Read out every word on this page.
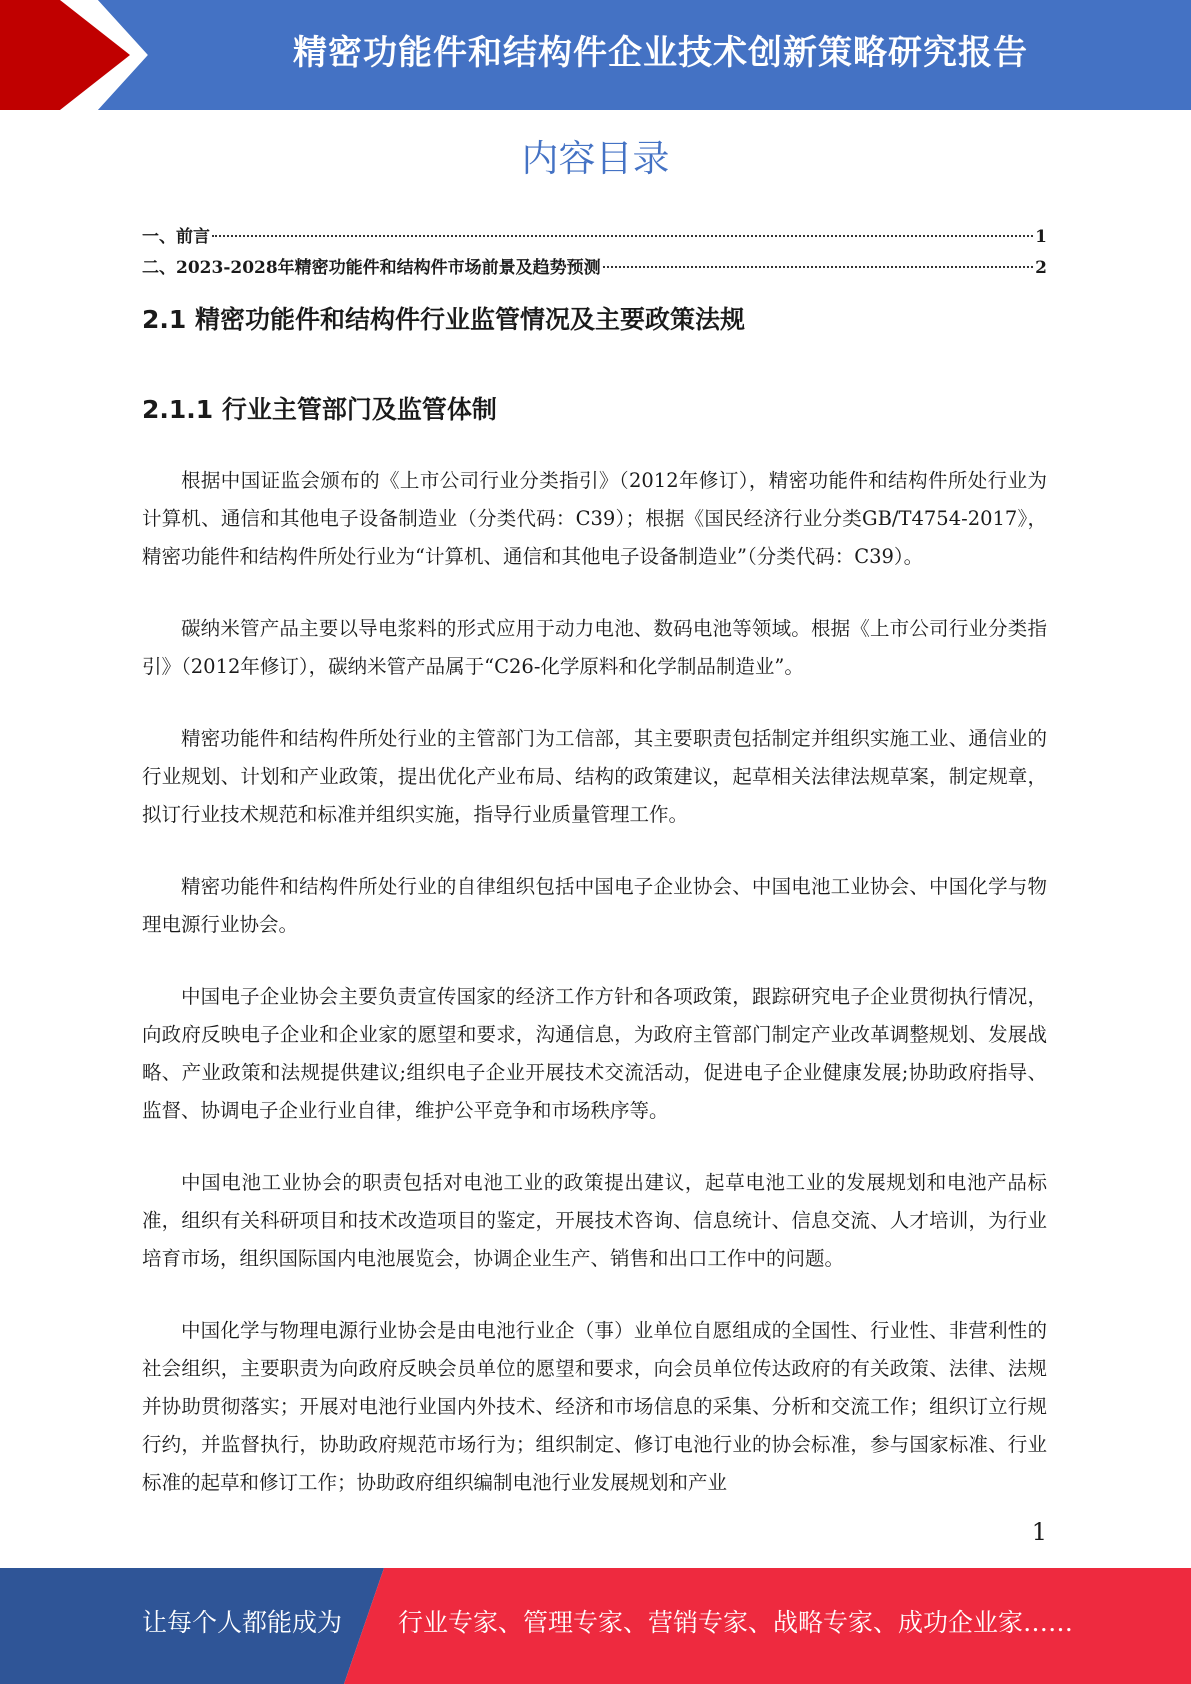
精密功能件和结构件企业技术创新策略研究报告
内容目录
一、前言	1
二、2023-2028年精密功能件和结构件市场前景及趋势预测	2
2.1 精密功能件和结构件行业监管情况及主要政策法规
2.1.1 行业主管部门及监管体制

根据中国证监会颁布的《上市公司行业分类指引》（2012年修订），精密功能件和结构件所处行业为计算机、通信和其他电子设备制造业（分类代码：C39）；根据《国民经济行业分类GB/T4754-2017》，精密功能件和结构件所处行业为“计算机、通信和其他电子设备制造业”（分类代码：C39）。

碳纳米管产品主要以导电浆料的形式应用于动力电池、数码电池等领域。根据《上市公司行业分类指引》（2012年修订），碳纳米管产品属于“C26-化学原料和化学制品制造业”。

精密功能件和结构件所处行业的主管部门为工信部，其主要职责包括制定并组织实施工业、通信业的行业规划、计划和产业政策，提出优化产业布局、结构的政策建议，起草相关法律法规草案，制定规章，拟订行业技术规范和标准并组织实施，指导行业质量管理工作。

精密功能件和结构件所处行业的自律组织包括中国电子企业协会、中国电池工业协会、中国化学与物理电源行业协会。

中国电子企业协会主要负责宣传国家的经济工作方针和各项政策，跟踪研究电子企业贯彻执行情况，向政府反映电子企业和企业家的愿望和要求，沟通信息，为政府主管部门制定产业改革调整规划、发展战略、产业政策和法规提供建议;组织电子企业开展技术交流活动，促进电子企业健康发展;协助政府指导、监督、协调电子企业行业自律，维护公平竞争和市场秩序等。

中国电池工业协会的职责包括对电池工业的政策提出建议，起草电池工业的发展规划和电池产品标准，组织有关科研项目和技术改造项目的鉴定，开展技术咨询、信息统计、信息交流、人才培训，为行业培育市场，组织国际国内电池展览会，协调企业生产、销售和出口工作中的问题。

中国化学与物理电源行业协会是由电池行业企（事）业单位自愿组成的全国性、行业性、非营利性的社会组织，主要职责为向政府反映会员单位的愿望和要求，向会员单位传达政府的有关政策、法律、法规并协助贯彻落实；开展对电池行业国内外技术、经济和市场信息的采集、分析和交流工作；组织订立行规行约，并监督执行，协助政府规范市场行为；组织制定、修订电池行业的协会标准，参与国家标准、行业标准的起草和修订工作；协助政府组织编制电池行业发展规划和产业

1
让每个人都能成为 行业专家、管理专家、营销专家、战略专家、成功企业家……
